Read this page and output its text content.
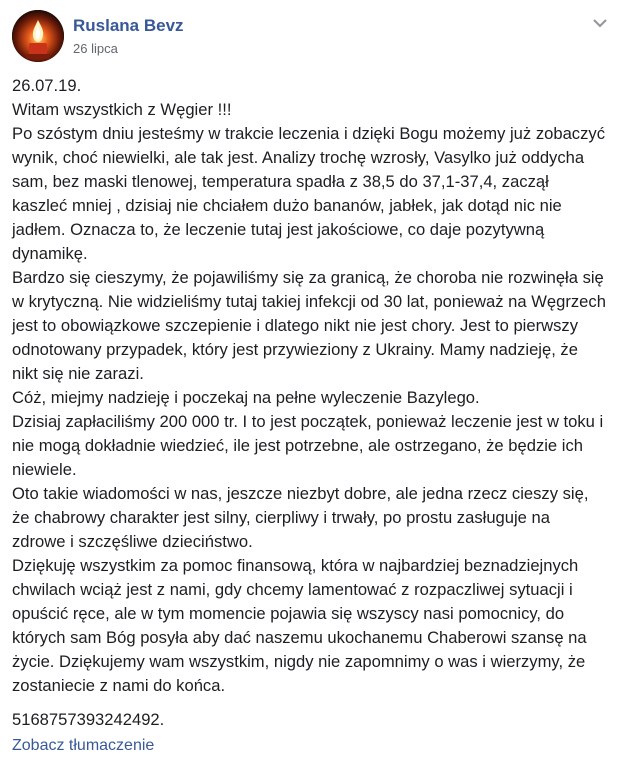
Ruslana Bevz
26 lipca

26.07.19.

Witam wszystkich z Węgier !!!

Po szóstym dniu jesteśmy w trakcie leczenia i dzięki Bogu możemy już zobaczyć wynik, choć niewielki, ale tak jest. Analizy trochę wzrosły, Vasylko już oddycha sam, bez maski tlenowej, temperatura spadła z 38,5 do 37,1-37,4, zaczął kaszleć mniej , dzisiaj nie chciałem dużo bananów, jabłek, jak dotąd nic nie jadłem. Oznacza to, że leczenie tutaj jest jakościowe, co daje pozytywną dynamikę.

Bardzo się cieszymy, że pojawiliśmy się za granicą, że choroba nie rozwinęła się w krytyczną. Nie widzieliśmy tutaj takiej infekcji od 30 lat, ponieważ na Węgrzech jest to obowiązkowe szczepienie i dlatego nikt nie jest chory. Jest to pierwszy odnotowany przypadek, który jest przywieziony z Ukrainy. Mamy nadzieję, że nikt się nie zarazi.

Cóż, miejmy nadzieję i poczekaj na pełne wyleczenie Bazylego.

Dzisiaj zapłaciliśmy 200 000 tr. I to jest początek, ponieważ leczenie jest w toku i nie mogą dokładnie wiedzieć, ile jest potrzebne, ale ostrzegano, że będzie ich niewiele.

Oto takie wiadomości w nas, jeszcze niezbyt dobre, ale jedna rzecz cieszy się, że chabrowy charakter jest silny, cierpliwy i trwały, po prostu zasługuje na zdrowe i szczęśliwe dzieciństwo.

Dziękuję wszystkim za pomoc finansową, która w najbardziej beznadziejnych chwilach wciąż jest z nami, gdy chcemy lamentować z rozpaczliwej sytuacji i opuścić ręce, ale w tym momencie pojawia się wszyscy nasi pomocnicy, do których sam Bóg posyła aby dać naszemu ukochanemu Chaberowi szansę na życie. Dziękujemy wam wszystkim, nigdy nie zapomnimy o was i wierzymy, że zostaniecie z nami do końca.

5168757393242492.
Zobacz tłumaczenie
